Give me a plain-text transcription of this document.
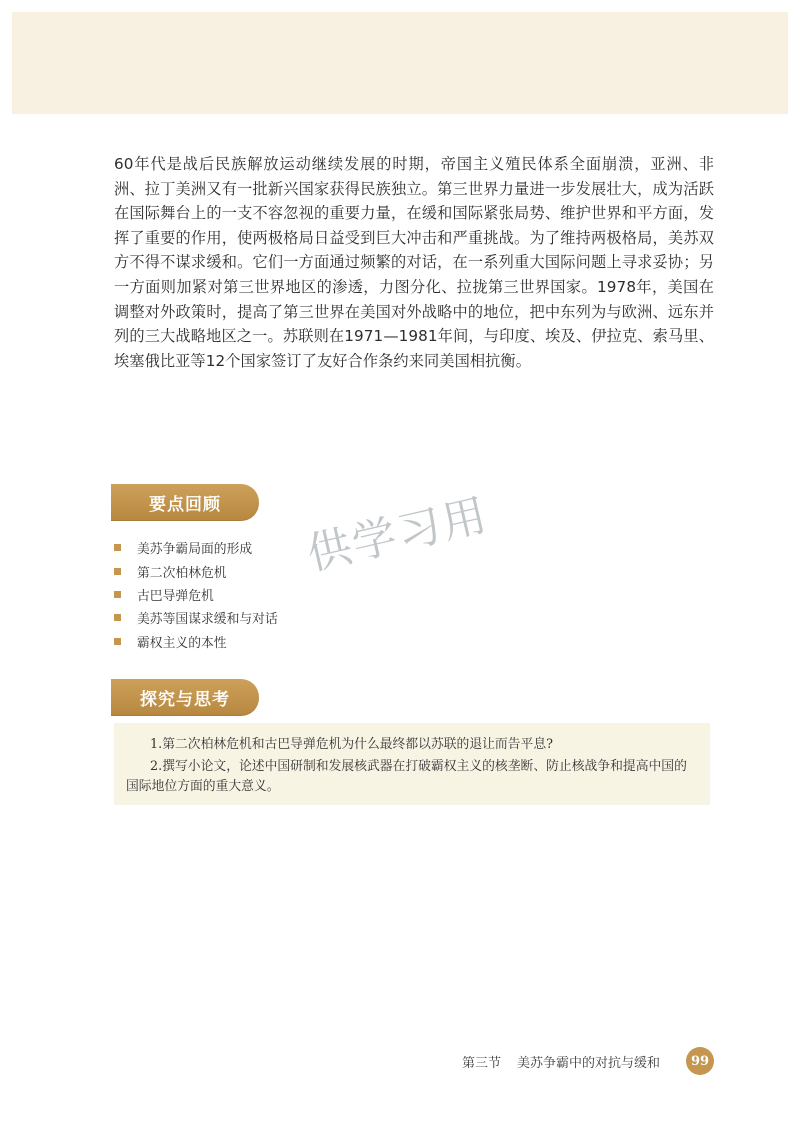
60年代是战后民族解放运动继续发展的时期，帝国主义殖民体系全面崩溃，亚洲、非洲、拉丁美洲又有一批新兴国家获得民族独立。第三世界力量进一步发展壮大，成为活跃在国际舞台上的一支不容忽视的重要力量，在缓和国际紧张局势、维护世界和平方面，发挥了重要的作用，使两极格局日益受到巨大冲击和严重挑战。为了维持两极格局，美苏双方不得不谋求缓和。它们一方面通过频繁的对话，在一系列重大国际问题上寻求妥协；另一方面则加紧对第三世界地区的渗透，力图分化、拉拢第三世界国家。1978年，美国在调整对外政策时，提高了第三世界在美国对外战略中的地位，把中东列为与欧洲、远东并列的三大战略地区之一。苏联则在1971—1981年间，与印度、埃及、伊拉克、索马里、埃塞俄比亚等12个国家签订了友好合作条约来同美国相抗衡。

要点回顾
美苏争霸局面的形成
第二次柏林危机
古巴导弹危机
美苏等国谋求缓和与对话
霸权主义的本性
供学习用
探究与思考

1.第二次柏林危机和古巴导弹危机为什么最终都以苏联的退让而告平息?

2.撰写小论文，论述中国研制和发展核武器在打破霸权主义的核垄断、防止核战争和提高中国的国际地位方面的重大意义。

第三节 美苏争霸中的对抗与缓和	99
